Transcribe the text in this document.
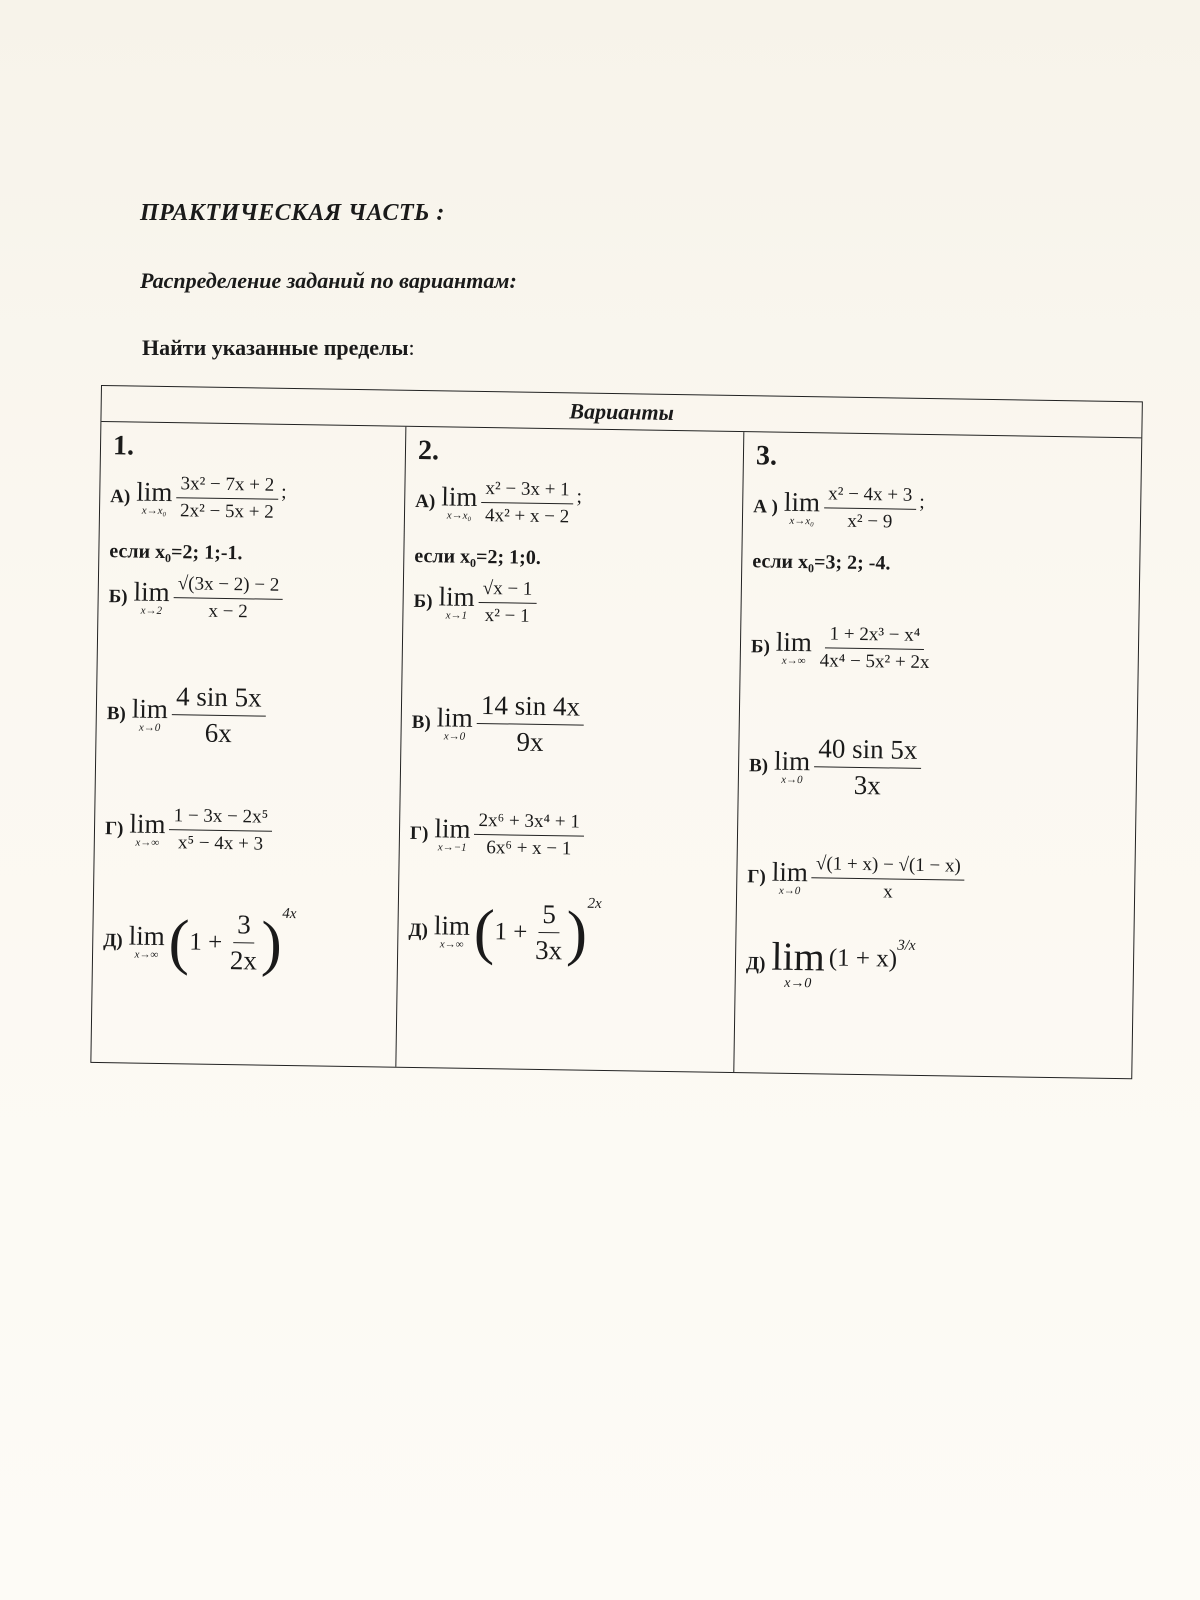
ПРАКТИЧЕСКАЯ ЧАСТЬ :

Распределение заданий по вариантам:

Найти указанные пределы:

Варианты
1.
А) lim
$x\to x_0 \frac{\text{3x² − 7x + 2}}{\text{2x² − 5x + 2}}$ ;
если x₀=2; 1;-1.
Б) lim
$x\to 2 \frac{√(3x - 2) - 2}{x - 2}$
В) lim
$x\to 0 \frac{4 \sin 5x}{6x}$
Г) lim
$x\to\infty \frac{\text{1 − 3x − 2x⁵}}{\text{x⁵ − 4x + 3}}$
Д) lim
x→∞ ( $1 + \frac{3}{2x}$
) 4x
2.
А) lim
$x\to x_0 \frac{\text{x² − 3x + 1}}{\text{4x² + x − 2}}$ ;
если x₀=2; 1;0.
Б) lim
$x\to 1 \frac{√x - 1}{\text{x² − 1}}$
В) lim
$x\to 0 \frac{14 \sin 4x}{9x}$
Г) lim
$x\to-1 \frac{\text{2x⁶ + 3x⁴ + 1}}{\text{6x⁶ + x − 1}}$
Д) lim
x→∞ ( $1 + \frac{5}{3x}$
) 2x
3.
А ) lim
$x\to x_0 \frac{\text{x² − 4x + 3}}{\text{x² − 9}}$ ;
если x₀=3; 2; -4.
Б) lim
$x\to\infty \frac{\text{1 + 2x³ − x⁴}}{\text{4x⁴ − 5x² + 2x}}$
В) lim
$x\to 0 \frac{40 \sin 5x}{3x}$
Г) lim
$x\to 0 \frac{√(1 + x) - √(1 - x)}{x}$
Д) lim
x→0
(1 + x) 3/x
